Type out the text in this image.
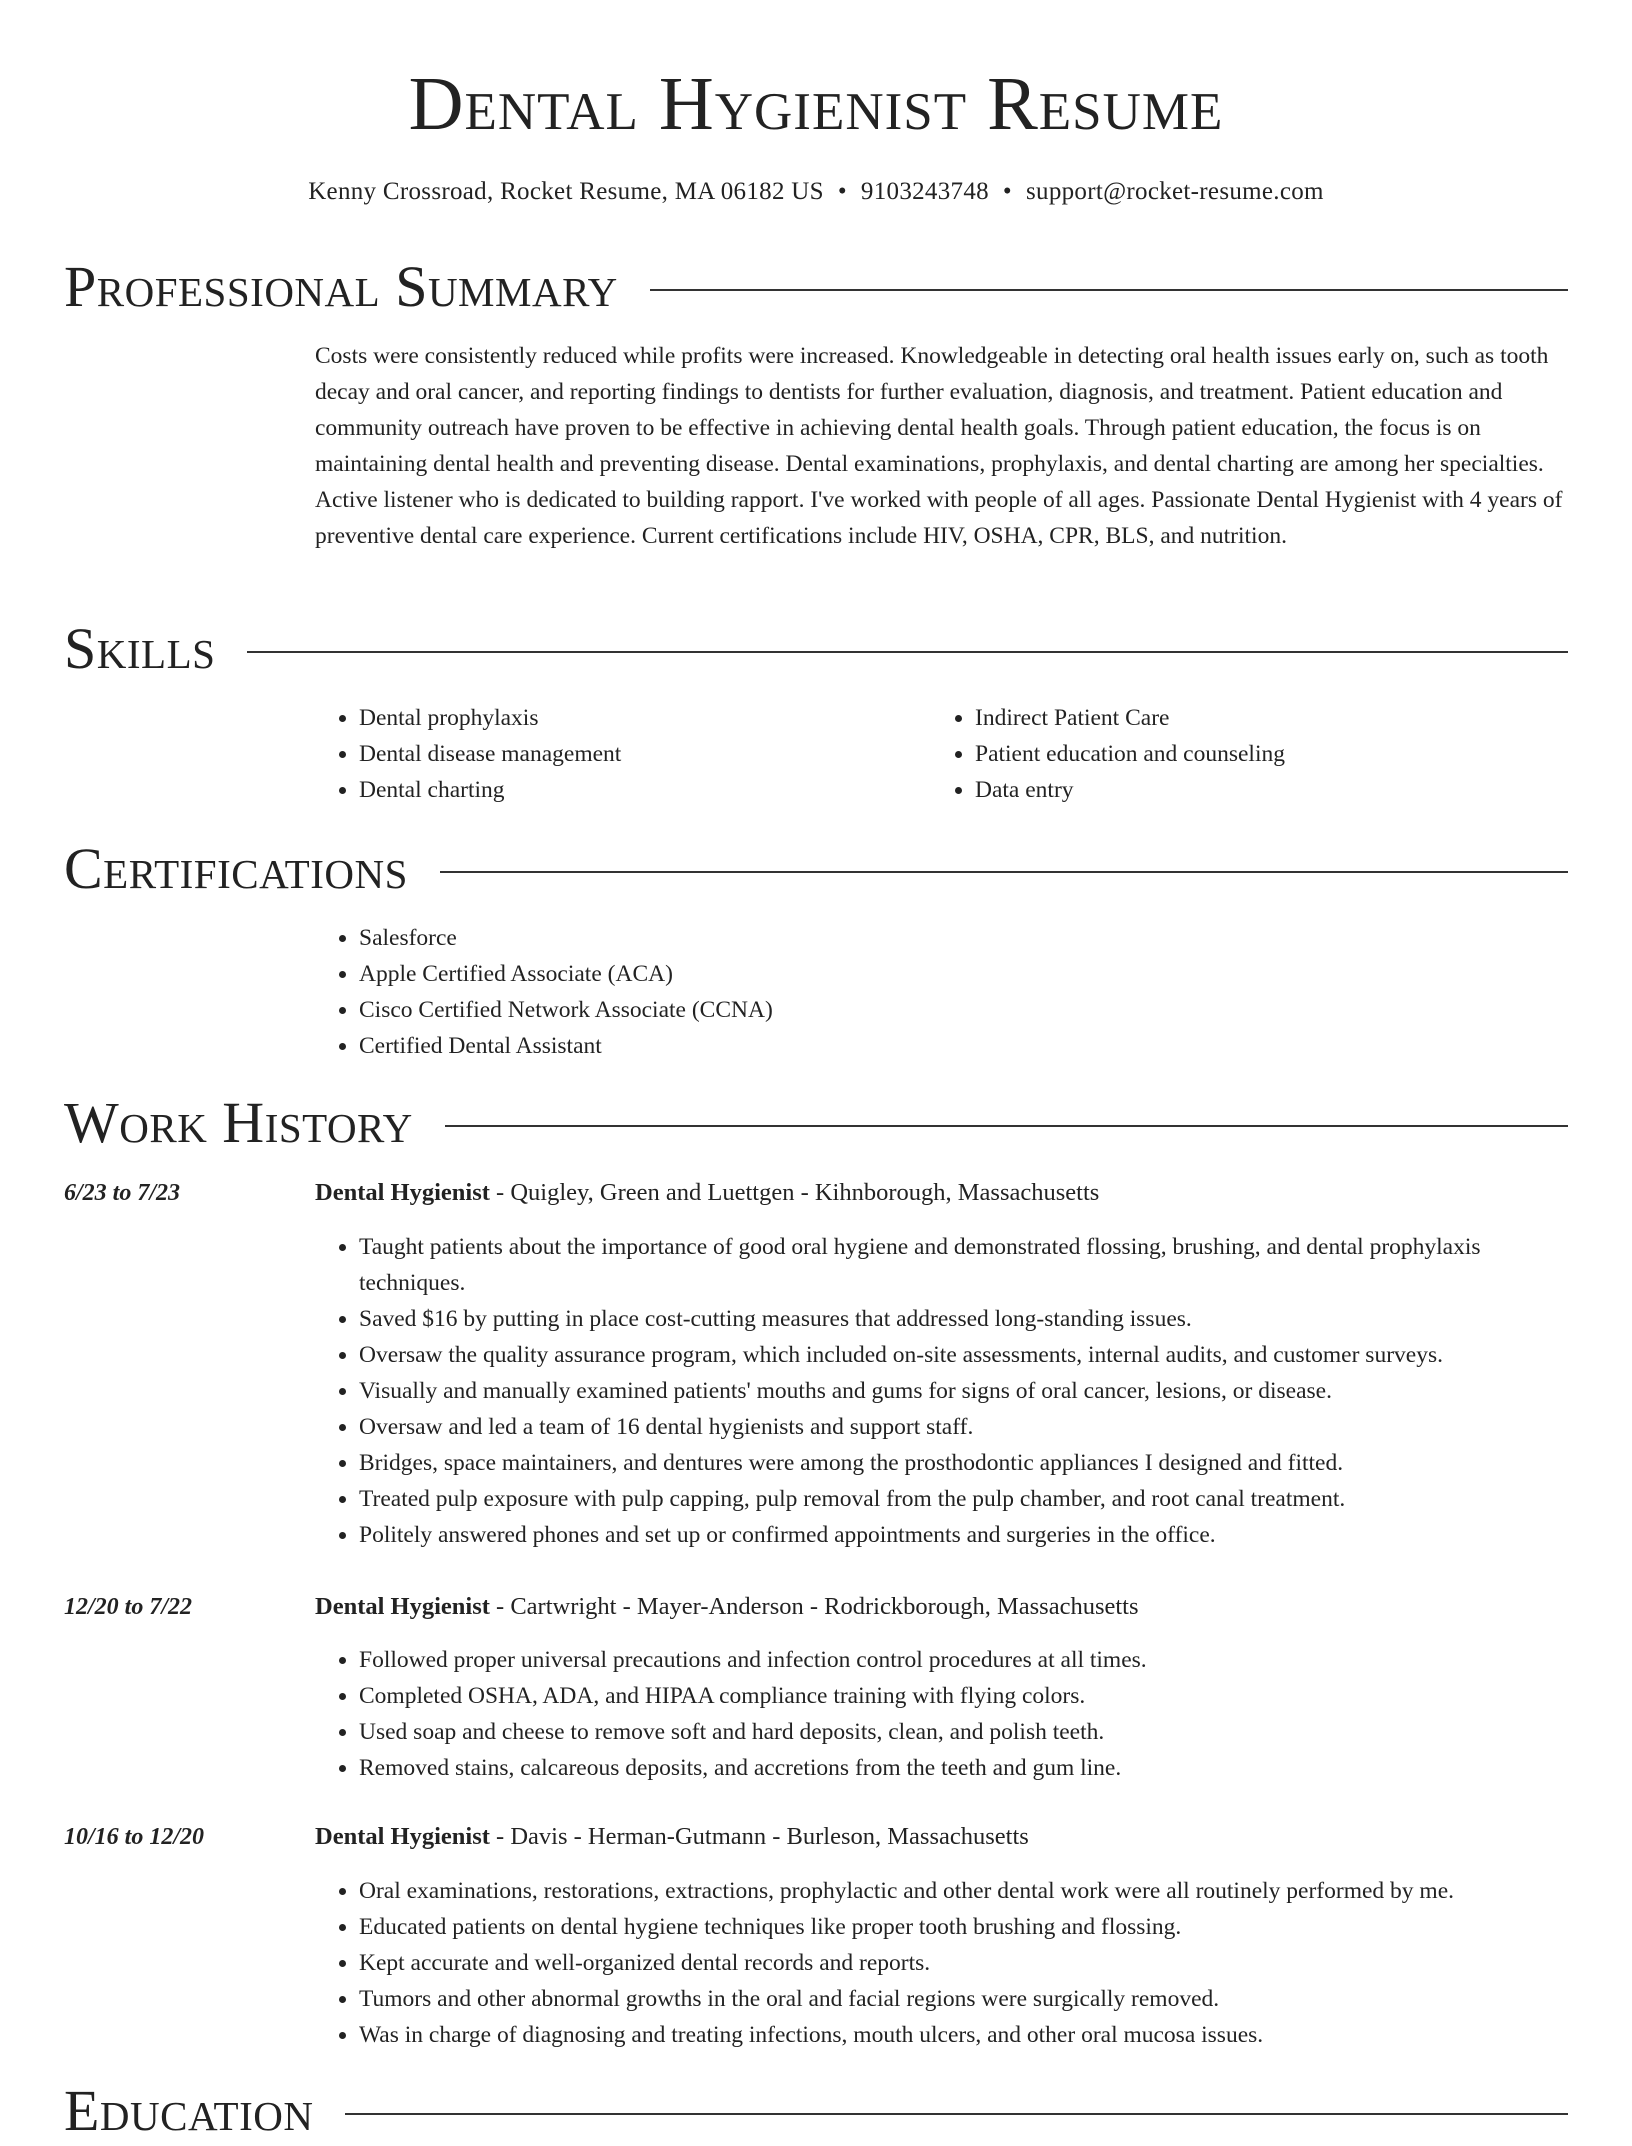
Dental Hygienist Resume
Kenny Crossroad, Rocket Resume, MA 06182 US • 9103243748 • support@rocket-resume.com
Professional Summary
Costs were consistently reduced while profits were increased. Knowledgeable in detecting oral health issues early on, such as tooth decay and oral cancer, and reporting findings to dentists for further evaluation, diagnosis, and treatment. Patient education and community outreach have proven to be effective in achieving dental health goals. Through patient education, the focus is on maintaining dental health and preventing disease. Dental examinations, prophylaxis, and dental charting are among her specialties. Active listener who is dedicated to building rapport. I've worked with people of all ages. Passionate Dental Hygienist with 4 years of preventive dental care experience. Current certifications include HIV, OSHA, CPR, BLS, and nutrition.
Skills
• Dental prophylaxis
• Dental disease management
• Dental charting
• Indirect Patient Care
• Patient education and counseling
• Data entry
Certifications
• Salesforce
• Apple Certified Associate (ACA)
• Cisco Certified Network Associate (CCNA)
• Certified Dental Assistant
Work History
6/23 to 7/23	Dental Hygienist - Quigley, Green and Luettgen - Kihnborough, Massachusetts
• Taught patients about the importance of good oral hygiene and demonstrated flossing, brushing, and dental prophylaxis techniques.
• Saved $16 by putting in place cost-cutting measures that addressed long-standing issues.
• Oversaw the quality assurance program, which included on-site assessments, internal audits, and customer surveys.
• Visually and manually examined patients' mouths and gums for signs of oral cancer, lesions, or disease.
• Oversaw and led a team of 16 dental hygienists and support staff.
• Bridges, space maintainers, and dentures were among the prosthodontic appliances I designed and fitted.
• Treated pulp exposure with pulp capping, pulp removal from the pulp chamber, and root canal treatment.
• Politely answered phones and set up or confirmed appointments and surgeries in the office.
12/20 to 7/22	Dental Hygienist - Cartwright - Mayer-Anderson - Rodrickborough, Massachusetts
• Followed proper universal precautions and infection control procedures at all times.
• Completed OSHA, ADA, and HIPAA compliance training with flying colors.
• Used soap and cheese to remove soft and hard deposits, clean, and polish teeth.
• Removed stains, calcareous deposits, and accretions from the teeth and gum line.
10/16 to 12/20	Dental Hygienist - Davis - Herman-Gutmann - Burleson, Massachusetts
• Oral examinations, restorations, extractions, prophylactic and other dental work were all routinely performed by me.
• Educated patients on dental hygiene techniques like proper tooth brushing and flossing.
• Kept accurate and well-organized dental records and reports.
• Tumors and other abnormal growths in the oral and facial regions were surgically removed.
• Was in charge of diagnosing and treating infections, mouth ulcers, and other oral mucosa issues.
Education
